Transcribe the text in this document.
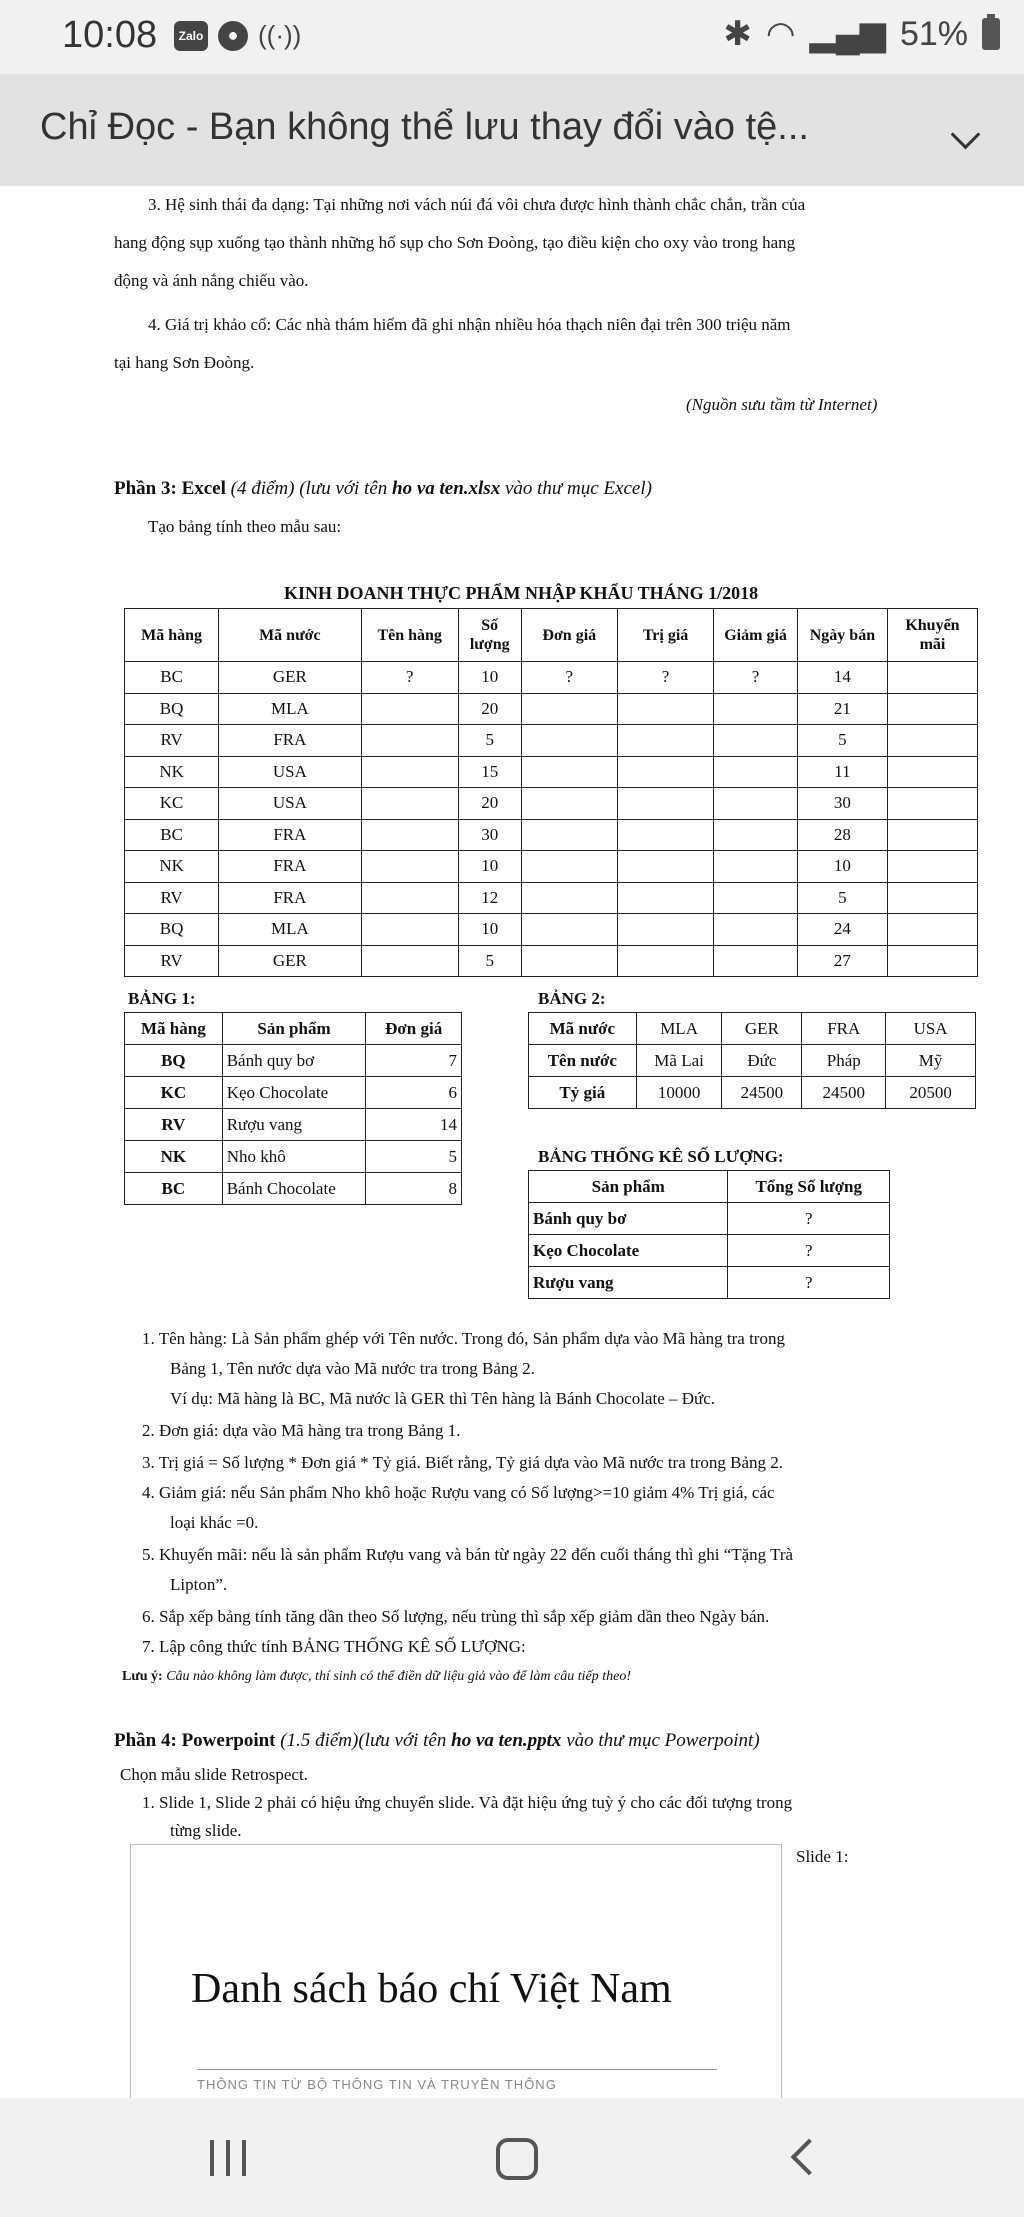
10:08	Zalo	● ((·))	✱ ◠ ▂▄▆ 51%
Chỉ Đọc - Bạn không thể lưu thay đổi vào tệ...
3. Hệ sinh thái đa dạng: Tại những nơi vách núi đá vôi chưa được hình thành chắc chắn, trần của
hang động sụp xuống tạo thành những hố sụp cho Sơn Đoòng, tạo điều kiện cho oxy vào trong hang
động và ánh nắng chiếu vào.
4. Giá trị khảo cổ: Các nhà thám hiểm đã ghi nhận nhiều hóa thạch niên đại trên 300 triệu năm
tại hang Sơn Đoòng.
(Nguồn sưu tầm từ Internet)
Phần 3: Excel (4 điểm) (lưu với tên ho va ten.xlsx vào thư mục Excel)
Tạo bảng tính theo mẫu sau:
KINH DOANH THỰC PHẨM NHẬP KHẨU THÁNG 1/2018
Mã hàng	Mã nước	Tên hàng	Số lượng	Đơn giá	Trị giá	Giảm giá	Ngày bán	Khuyến mãi
BC	GER	?	10	?	?	?	14	
BQ	MLA		20				21	
RV	FRA		5				5	
NK	USA		15				11	
KC	USA		20				30	
BC	FRA		30				28	
NK	FRA		10				10	
RV	FRA		12				5	
BQ	MLA		10				24	
RV	GER		5				27	
BẢNG 1:
Mã hàng	Sản phẩm	Đơn giá
BQ	Bánh quy bơ	7
KC	Kẹo Chocolate	6
RV	Rượu vang	14
NK	Nho khô	5
BC	Bánh Chocolate	8
BẢNG 2:
Mã nước	MLA	GER	FRA	USA
Tên nước	Mã Lai	Đức	Pháp	Mỹ
Tỷ giá	10000	24500	24500	20500
BẢNG THỐNG KÊ SỐ LƯỢNG:
Sản phẩm	Tổng Số lượng
Bánh quy bơ	?
Kẹo Chocolate	?
Rượu vang	?
1. Tên hàng: Là Sản phẩm ghép với Tên nước. Trong đó, Sản phẩm dựa vào Mã hàng tra trong
Bảng 1, Tên nước dựa vào Mã nước tra trong Bảng 2.
Ví dụ: Mã hàng là BC, Mã nước là GER thì Tên hàng là Bánh Chocolate – Đức.
2. Đơn giá: dựa vào Mã hàng tra trong Bảng 1.
3. Trị giá = Số lượng * Đơn giá * Tỷ giá. Biết rằng, Tỷ giá dựa vào Mã nước tra trong Bảng 2.
4. Giảm giá: nếu Sản phẩm Nho khô hoặc Rượu vang có Số lượng>=10 giảm 4% Trị giá, các
loại khác =0.
5. Khuyến mãi: nếu là sản phẩm Rượu vang và bán từ ngày 22 đến cuối tháng thì ghi “Tặng Trà
Lipton”.
6. Sắp xếp bảng tính tăng dần theo Số lượng, nếu trùng thì sắp xếp giảm dần theo Ngày bán.
7. Lập công thức tính BẢNG THỐNG KÊ SỐ LƯỢNG:
Lưu ý: Câu nào không làm được, thí sinh có thể điền dữ liệu giả vào để làm câu tiếp theo!
Phần 4: Powerpoint (1.5 điểm)(lưu với tên ho va ten.pptx vào thư mục Powerpoint)
Chọn mẫu slide Retrospect.
1. Slide 1, Slide 2 phải có hiệu ứng chuyển slide. Và đặt hiệu ứng tuỳ ý cho các đối tượng trong
từng slide.
Slide 1:
Danh sách báo chí Việt Nam
THÔNG TIN TỪ BỘ THÔNG TIN VÀ TRUYỀN THÔNG
